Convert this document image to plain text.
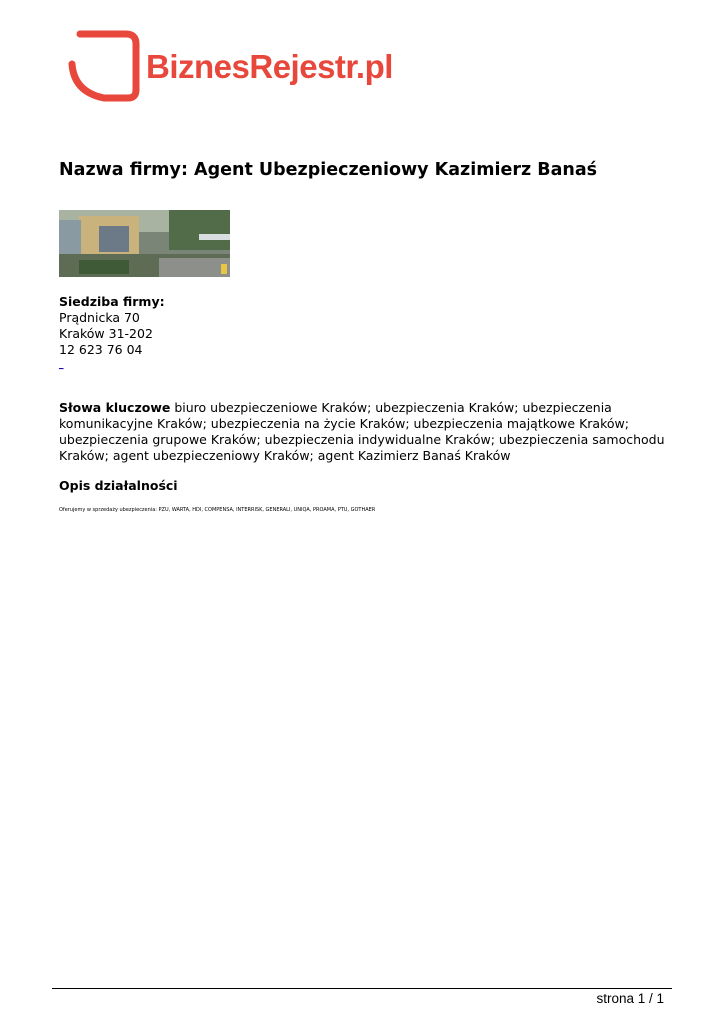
BiznesRejestr.pl
Nazwa firmy: Agent Ubezpieczeniowy Kazimierz Banaś
Siedziba firmy:
Prądnicka 70
Kraków 31-202
12 623 76 04
_
Słowa kluczowe biuro ubezpieczeniowe Kraków; ubezpieczenia Kraków; ubezpieczenia komunikacyjne Kraków; ubezpieczenia na życie Kraków; ubezpieczenia majątkowe Kraków; ubezpieczenia grupowe Kraków; ubezpieczenia indywidualne Kraków; ubezpieczenia samochodu Kraków; agent ubezpieczeniowy Kraków; agent Kazimierz Banaś Kraków
Opis działalności
Oferujemy w sprzedaży ubezpieczenia: PZU, WARTA, HDI, COMPENSA, INTERRISK, GENERALI, UNIQA, PROAMA, PTU, GOTHAER
strona 1 / 1
